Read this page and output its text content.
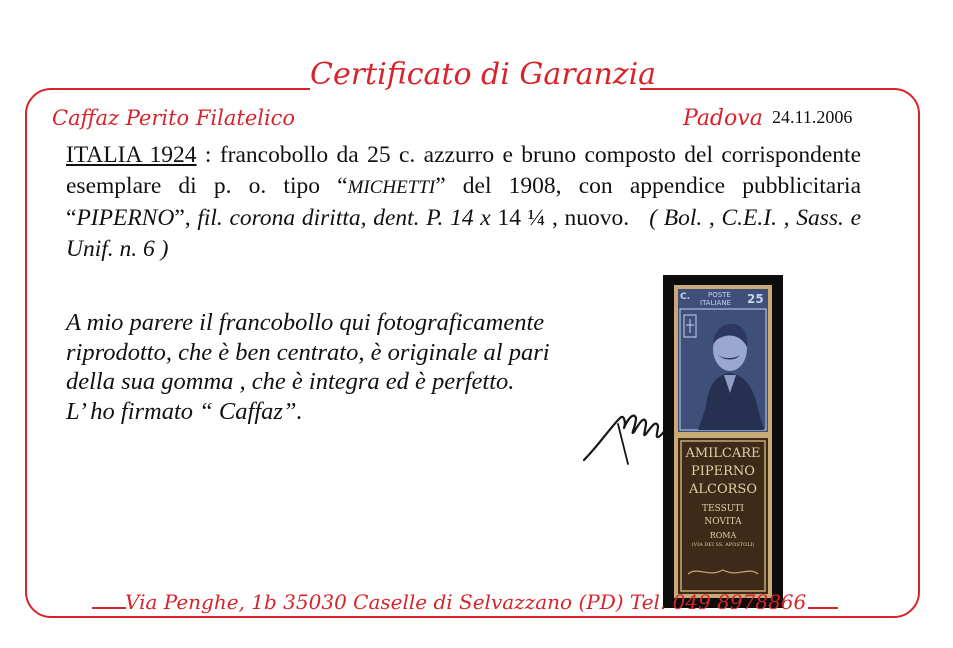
Certificato di Garanzia
Caffaz Perito Filatelico	Padova 24.11.2006
ITALIA 1924 : francobollo da 25 c. azzurro e bruno composto del corrispondente esemplare di p. o. tipo “MICHETTI” del 1908, con appendice pubblicitaria “PIPERNO”, fil. corona diritta, dent. P. 14 x 14 ¼ , nuovo. ( Bol. , C.E.I. , Sass. e Unif. n. 6 )
A mio parere il francobollo qui fotograficamente
riprodotto, che è ben centrato, è originale al pari
della sua gomma , che è integra ed è perfetto.
L’ ho firmato “ Caffaz”.
C.	POSTE
ITALIANE 25
AMILCARE
PIPERNO
ALCORSO
TESSUTI
NOVITA
ROMA
(VIA DEI SS. APOSTOLI)
Via Penghe, 1b 35030 Caselle di Selvazzano (PD) Tel. 049 8978866
